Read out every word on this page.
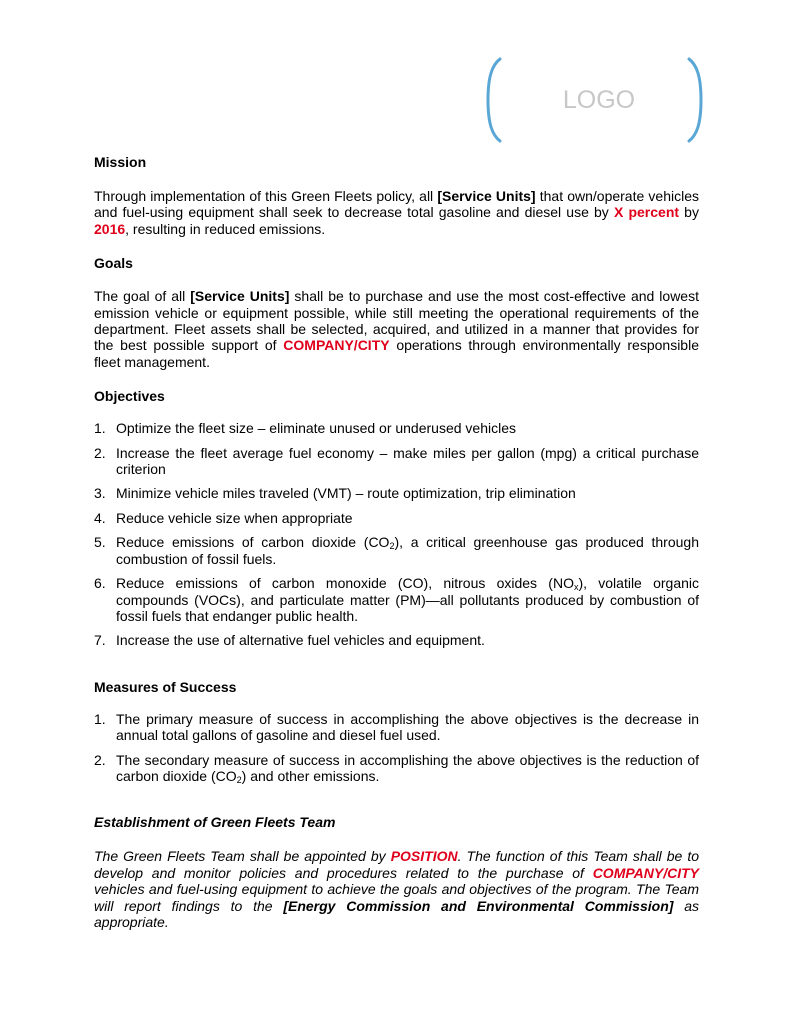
LOGO
Mission

Through implementation of this Green Fleets policy, all [Service Units] that own/operate vehicles and fuel-using equipment shall seek to decrease total gasoline and diesel use by X percent by 2016, resulting in reduced emissions.

Goals

The goal of all [Service Units] shall be to purchase and use the most cost-effective and lowest emission vehicle or equipment possible, while still meeting the operational requirements of the department. Fleet assets shall be selected, acquired, and utilized in a manner that provides for the best possible support of COMPANY/CITY operations through environmentally responsible fleet management.

Objectives
1. Optimize the fleet size – eliminate unused or underused vehicles
2. Increase the fleet average fuel economy – make miles per gallon (mpg) a critical purchase criterion
3. Minimize vehicle miles traveled (VMT) – route optimization, trip elimination
4. Reduce vehicle size when appropriate
5. Reduce emissions of carbon dioxide $(CO_2)$, a critical greenhouse gas produced through combustion of fossil fuels.
6. Reduce emissions of carbon monoxide (CO), nitrous oxides $(NO_x)$, volatile organic compounds (VOCs), and particulate matter (PM)—all pollutants produced by combustion of fossil fuels that endanger public health.
7. Increase the use of alternative fuel vehicles and equipment.
Measures of Success
1. The primary measure of success in accomplishing the above objectives is the decrease in annual total gallons of gasoline and diesel fuel used.
2. The secondary measure of success in accomplishing the above objectives is the reduction of carbon dioxide $(CO_2)$ and other emissions.
Establishment of Green Fleets Team

The Green Fleets Team shall be appointed by POSITION. The function of this Team shall be to develop and monitor policies and procedures related to the purchase of COMPANY/CITY vehicles and fuel-using equipment to achieve the goals and objectives of the program. The Team will report findings to the [Energy Commission and Environmental Commission] as appropriate.
